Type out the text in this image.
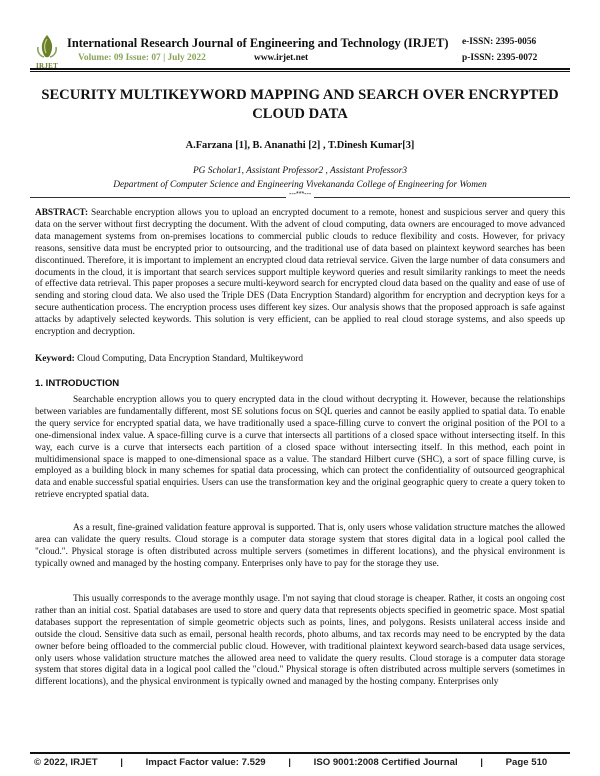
IRJET
International Research Journal of Engineering and Technology (IRJET)
Volume: 09 Issue: 07 | July 2022	www.irjet.net
e-ISSN: 2395-0056
p-ISSN: 2395-0072
SECURITY MULTIKEYWORD MAPPING AND SEARCH OVER ENCRYPTED CLOUD DATA
A.Farzana [1], B. Ananathi [2] , T.Dinesh Kumar[3]
PG Scholar1, Assistant Professor2 , Assistant Professor3
Department of Computer Science and Engineering Vivekananda College of Engineering for Women
---***---
ABSTRACT: Searchable encryption allows you to upload an encrypted document to a remote, honest and suspicious server and query this data on the server without first decrypting the document. With the advent of cloud computing, data owners are encouraged to move advanced data management systems from on-premises locations to commercial public clouds to reduce flexibility and costs. However, for privacy reasons, sensitive data must be encrypted prior to outsourcing, and the traditional use of data based on plaintext keyword searches has been discontinued. Therefore, it is important to implement an encrypted cloud data retrieval service. Given the large number of data consumers and documents in the cloud, it is important that search services support multiple keyword queries and result similarity rankings to meet the needs of effective data retrieval. This paper proposes a secure multi-keyword search for encrypted cloud data based on the quality and ease of use of sending and storing cloud data. We also used the Triple DES (Data Encryption Standard) algorithm for encryption and decryption keys for a secure authentication process. The encryption process uses different key sizes. Our analysis shows that the proposed approach is safe against attacks by adaptively selected keywords. This solution is very efficient, can be applied to real cloud storage systems, and also speeds up encryption and decryption.
Keyword: Cloud Computing, Data Encryption Standard, Multikeyword
1. INTRODUCTION
Searchable encryption allows you to query encrypted data in the cloud without decrypting it. However, because the relationships between variables are fundamentally different, most SE solutions focus on SQL queries and cannot be easily applied to spatial data. To enable the query service for encrypted spatial data, we have traditionally used a space-filling curve to convert the original position of the POI to a one-dimensional index value. A space-filling curve is a curve that intersects all partitions of a closed space without intersecting itself. In this way, each curve is a curve that intersects each partition of a closed space without intersecting itself. In this method, each point in multidimensional space is mapped to one-dimensional space as a value. The standard Hilbert curve (SHC), a sort of space filling curve, is employed as a building block in many schemes for spatial data processing, which can protect the confidentiality of outsourced geographical data and enable successful spatial enquiries. Users can use the transformation key and the original geographic query to create a query token to retrieve encrypted spatial data.
As a result, fine-grained validation feature approval is supported. That is, only users whose validation structure matches the allowed area can validate the query results. Cloud storage is a computer data storage system that stores digital data in a logical pool called the "cloud.". Physical storage is often distributed across multiple servers (sometimes in different locations), and the physical environment is typically owned and managed by the hosting company. Enterprises only have to pay for the storage they use.
This usually corresponds to the average monthly usage. I'm not saying that cloud storage is cheaper. Rather, it costs an ongoing cost rather than an initial cost. Spatial databases are used to store and query data that represents objects specified in geometric space. Most spatial databases support the representation of simple geometric objects such as points, lines, and polygons. Resists unilateral access inside and outside the cloud. Sensitive data such as email, personal health records, photo albums, and tax records may need to be encrypted by the data owner before being offloaded to the commercial public cloud. However, with traditional plaintext keyword search-based data usage services, only users whose validation structure matches the allowed area need to validate the query results. Cloud storage is a computer data storage system that stores digital data in a logical pool called the "cloud." Physical storage is often distributed across multiple servers (sometimes in different locations), and the physical environment is typically owned and managed by the hosting company. Enterprises only
© 2022, IRJET | Impact Factor value: 7.529 | ISO 9001:2008 Certified Journal | Page 510
